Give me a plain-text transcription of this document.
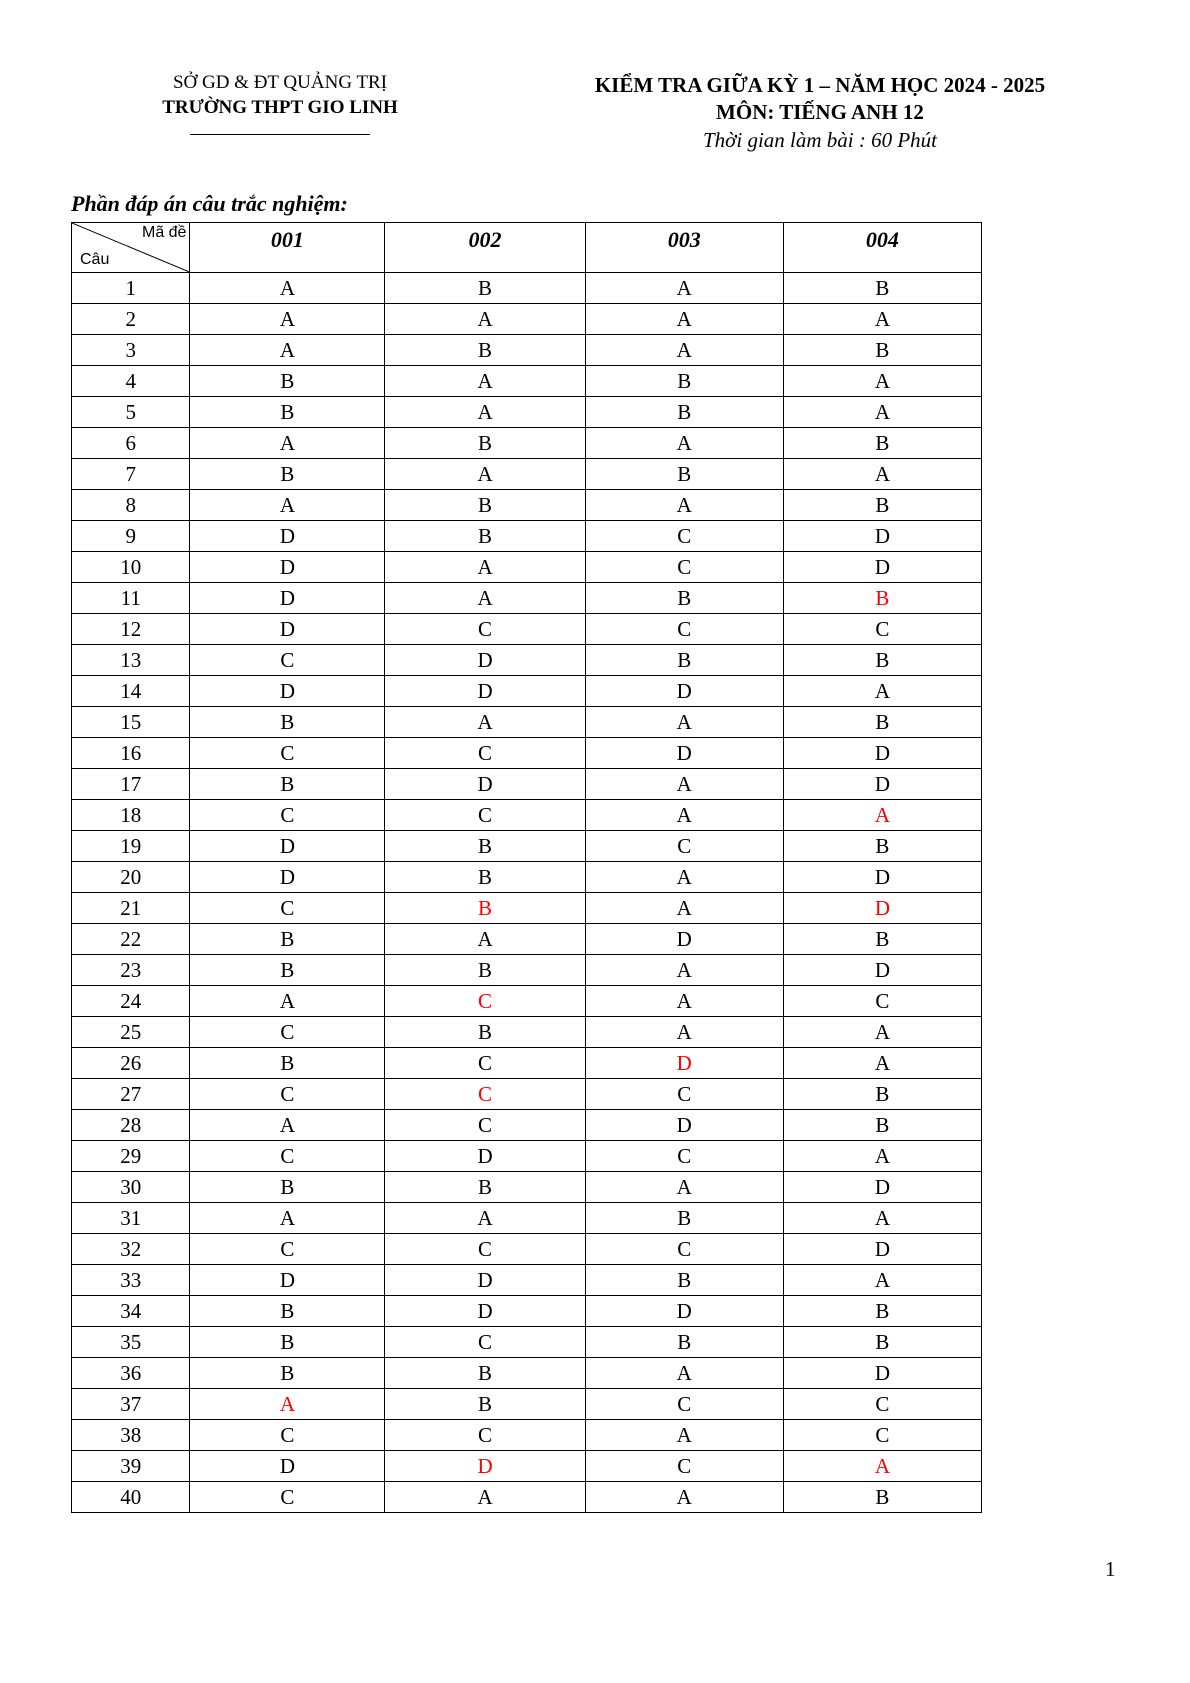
SỞ GD & ĐT QUẢNG TRỊ
TRƯỜNG THPT GIO LINH
KIỂM TRA GIỮA KỲ 1 – NĂM HỌC 2024 - 2025
MÔN: TIẾNG ANH 12
Thời gian làm bài : 60 Phút
Phần đáp án câu trắc nghiệm:
Mã đề
Câu	001	002	003	004
1	A	B	A	B
2	A	A	A	A
3	A	B	A	B
4	B	A	B	A
5	B	A	B	A
6	A	B	A	B
7	B	A	B	A
8	A	B	A	B
9	D	B	C	D
10	D	A	C	D
11	D	A	B	B
12	D	C	C	C
13	C	D	B	B
14	D	D	D	A
15	B	A	A	B
16	C	C	D	D
17	B	D	A	D
18	C	C	A	A
19	D	B	C	B
20	D	B	A	D
21	C	B	A	D
22	B	A	D	B
23	B	B	A	D
24	A	C	A	C
25	C	B	A	A
26	B	C	D	A
27	C	C	C	B
28	A	C	D	B
29	C	D	C	A
30	B	B	A	D
31	A	A	B	A
32	C	C	C	D
33	D	D	B	A
34	B	D	D	B
35	B	C	B	B
36	B	B	A	D
37	A	B	C	C
38	C	C	A	C
39	D	D	C	A
40	C	A	A	B
1
